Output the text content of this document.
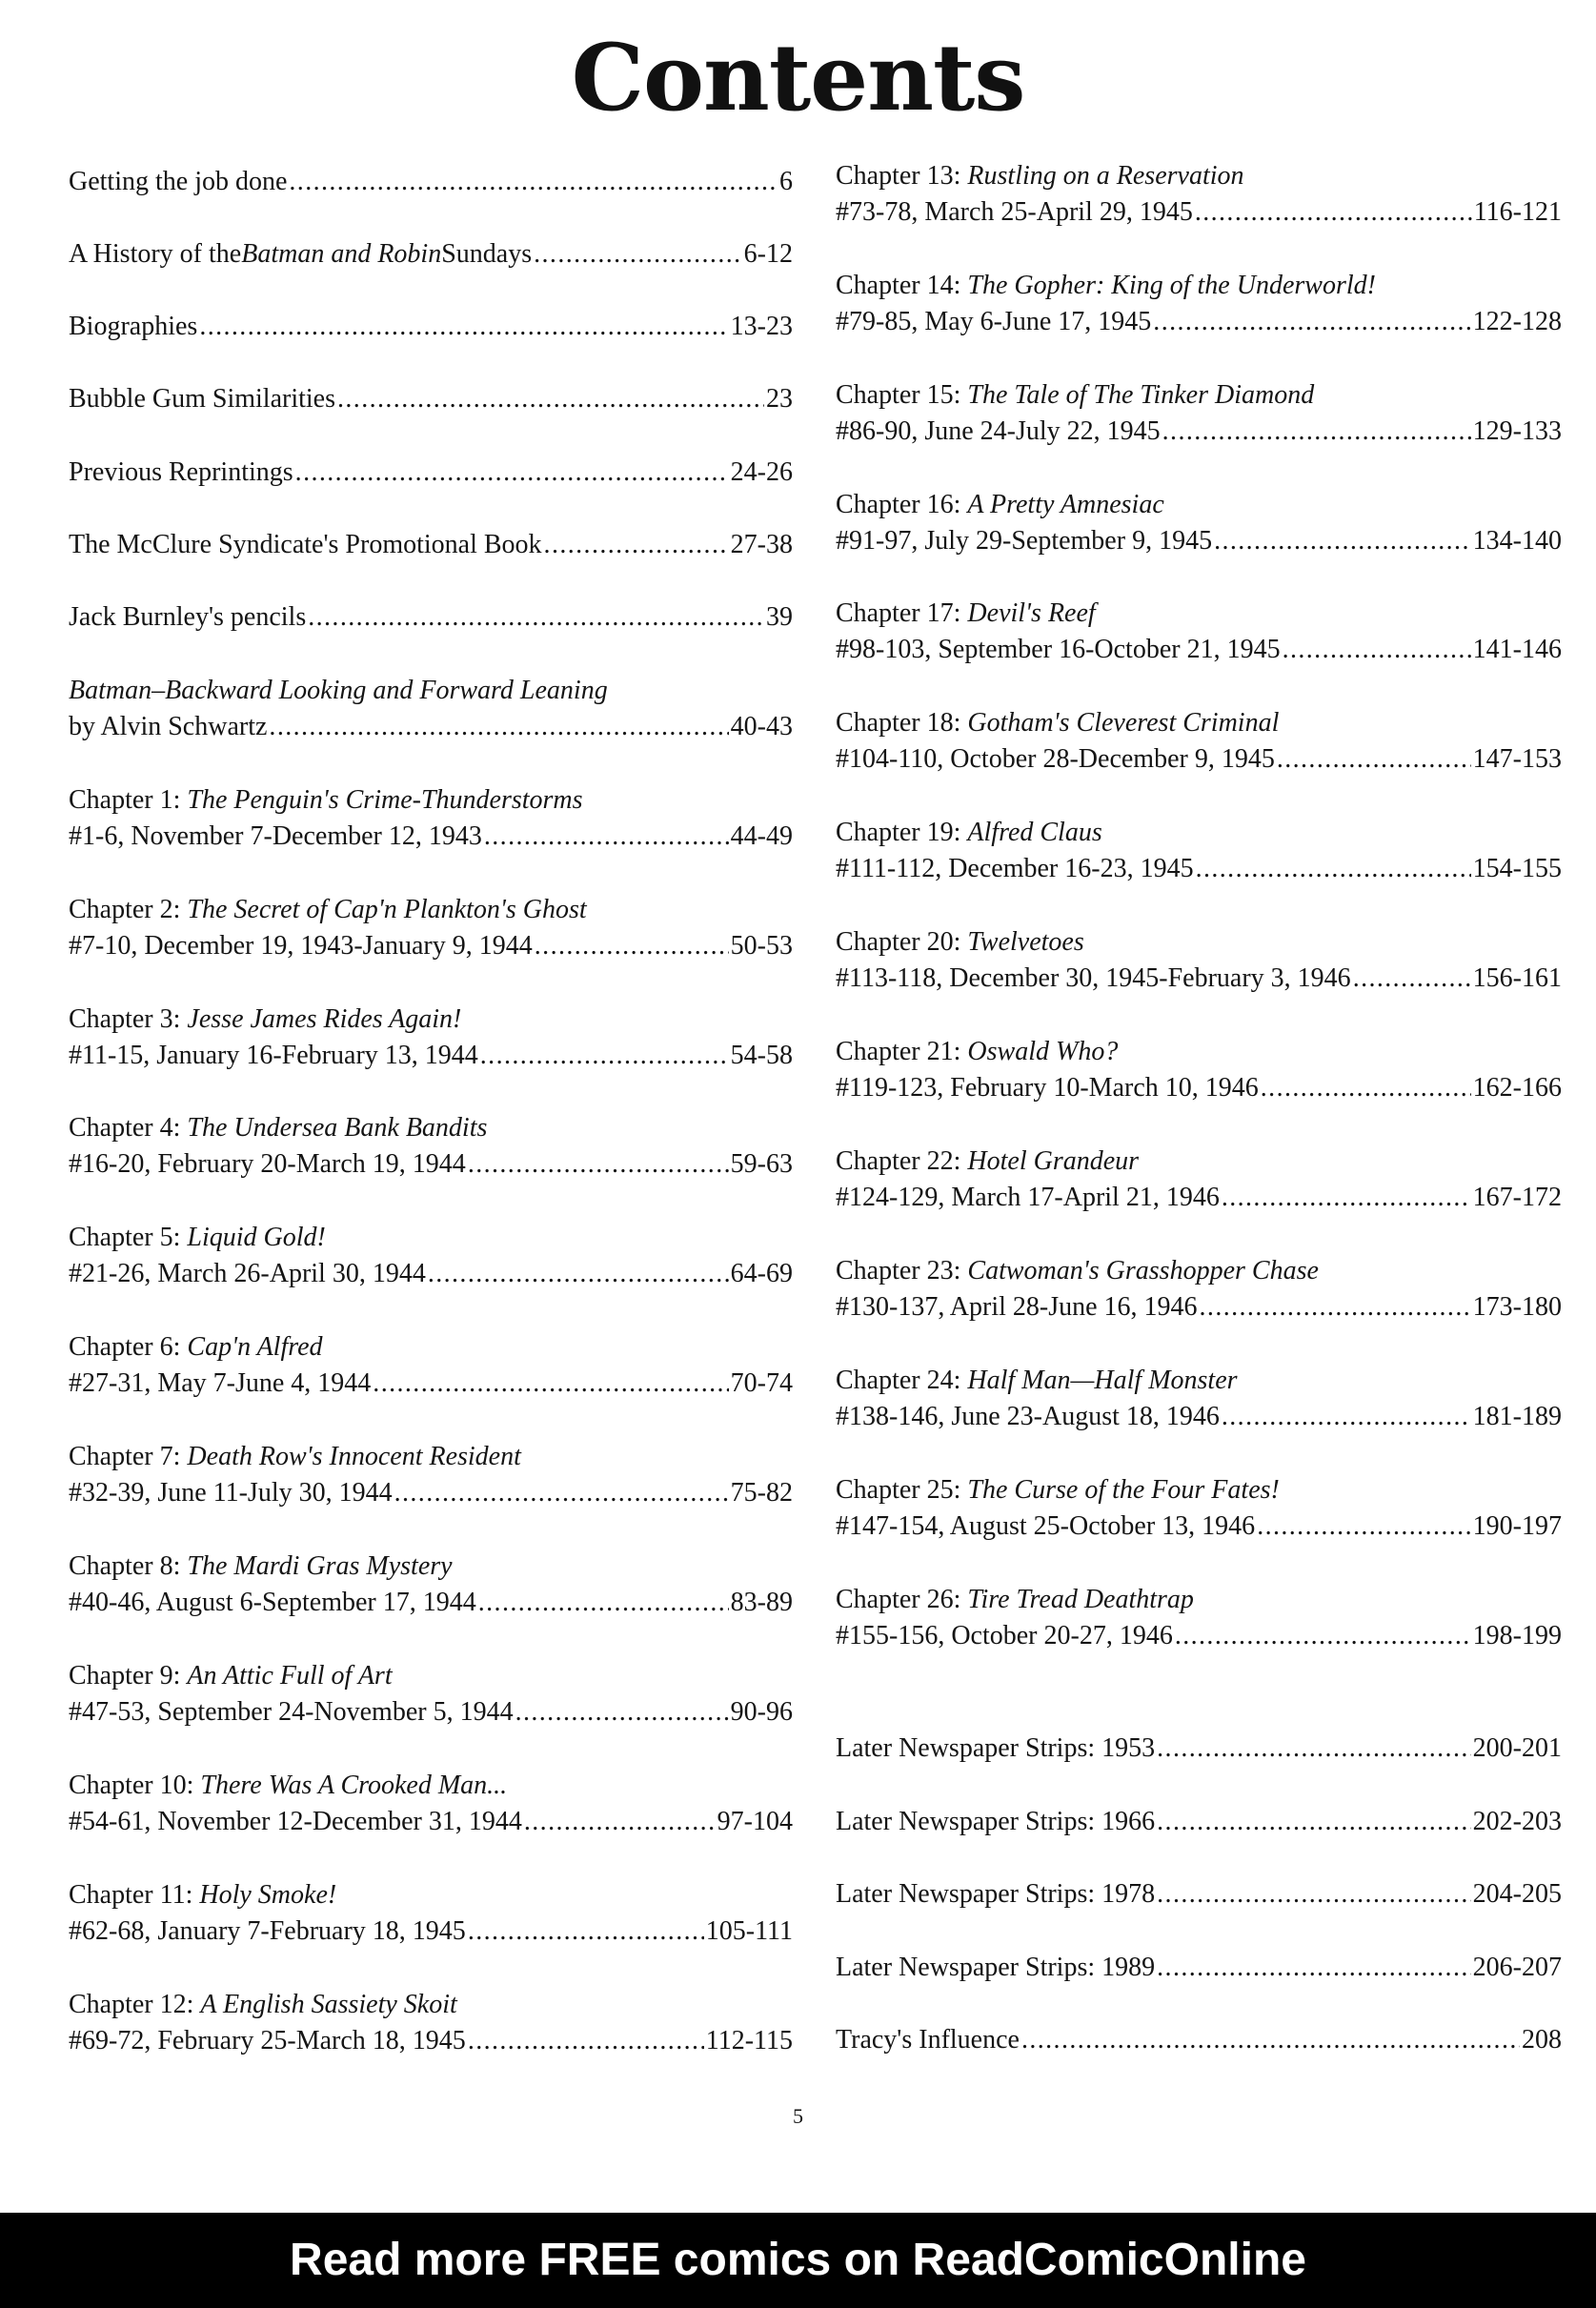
Contents
Getting the job done .....	6
A History of the Batman and Robin Sundays .....	6-12
Biographies .....	13-23
Bubble Gum Similarities .....	23
Previous Reprintings .....	24-26
The McClure Syndicate's Promotional Book .....	27-38
Jack Burnley's pencils .....	39
Batman–Backward Looking and Forward Leaning
by Alvin Schwartz .....	40-43
Chapter 1:
The Penguin's Crime-Thunderstorms
#1-6, November 7-December 12, 1943 .....	44-49
Chapter 2:
The Secret of Cap'n Plankton's Ghost
#7-10, December 19, 1943-January 9, 1944 .....	50-53
Chapter 3:
Jesse James Rides Again!
#11-15, January 16-February 13, 1944 .....	54-58
Chapter 4:
The Undersea Bank Bandits
#16-20, February 20-March 19, 1944 .....	59-63
Chapter 5:
Liquid Gold!
#21-26, March 26-April 30, 1944 .....	64-69
Chapter 6:
Cap'n Alfred
#27-31, May 7-June 4, 1944 .....	70-74
Chapter 7:
Death Row's Innocent Resident
#32-39, June 11-July 30, 1944 .....	75-82
Chapter 8:
The Mardi Gras Mystery
#40-46, August 6-September 17, 1944 .....	83-89
Chapter 9:
An Attic Full of Art
#47-53, September 24-November 5, 1944 .....	90-96
Chapter 10:
There Was A Crooked Man...
#54-61, November 12-December 31, 1944 .....	97-104
Chapter 11:
Holy Smoke!
#62-68, January 7-February 18, 1945 .....	105-111
Chapter 12:
A English Sassiety Skoit
#69-72, February 25-March 18, 1945 .....	112-115
Chapter 13:
Rustling on a Reservation
#73-78, March 25-April 29, 1945 .....	116-121
Chapter 14:
The Gopher: King of the Underworld!
#79-85, May 6-June 17, 1945 .....	122-128
Chapter 15:
The Tale of The Tinker Diamond
#86-90, June 24-July 22, 1945 .....	129-133
Chapter 16:
A Pretty Amnesiac
#91-97, July 29-September 9, 1945 .....	134-140
Chapter 17:
Devil's Reef
#98-103, September 16-October 21, 1945 .....	141-146
Chapter 18:
Gotham's Cleverest Criminal
#104-110, October 28-December 9, 1945 .....	147-153
Chapter 19:
Alfred Claus
#111-112, December 16-23, 1945 .....	154-155
Chapter 20:
Twelvetoes
#113-118, December 30, 1945-February 3, 1946 .....	156-161
Chapter 21:
Oswald Who?
#119-123, February 10-March 10, 1946 .....	162-166
Chapter 22:
Hotel Grandeur
#124-129, March 17-April 21, 1946 .....	167-172
Chapter 23:
Catwoman's Grasshopper Chase
#130-137, April 28-June 16, 1946 .....	173-180
Chapter 24:
Half Man—Half Monster
#138-146, June 23-August 18, 1946 .....	181-189
Chapter 25:
The Curse of the Four Fates!
#147-154, August 25-October 13, 1946 .....	190-197
Chapter 26:
Tire Tread Deathtrap
#155-156, October 20-27, 1946 .....	198-199
Later Newspaper Strips: 1953 .....	200-201
Later Newspaper Strips: 1966 .....	202-203
Later Newspaper Strips: 1978 .....	204-205
Later Newspaper Strips: 1989 .....	206-207
Tracy's Influence .....	208
5
Read more FREE comics on ReadComicOnline
